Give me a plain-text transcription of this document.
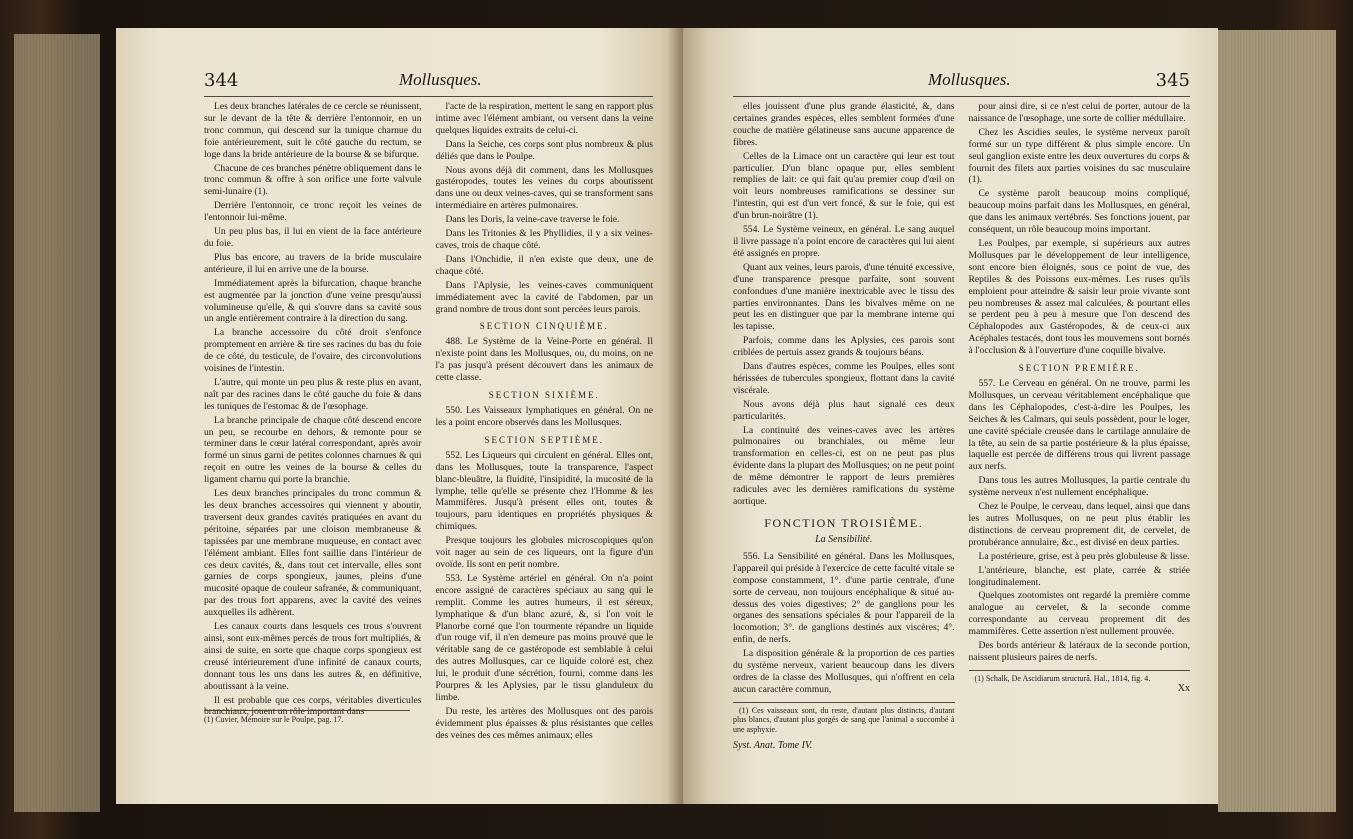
344	Mollusques.

Les deux branches latérales de ce cercle se réunissent, sur le devant de la tête & derrière l'entonnoir, en un tronc commun, qui descend sur la tunique charnue du foie antérieurement, suit le côté gauche du rectum, se loge dans la bride antérieure de la bourse & se bifurque.

Chacune de ces branches pénètre obliquement dans le tronc commun & offre à son orifice une forte valvule semi-lunaire (1).

Derrière l'entonnoir, ce tronc reçoit les veines de l'entonnoir lui-même.

Un peu plus bas, il lui en vient de la face antérieure du foie.

Plus bas encore, au travers de la bride musculaire antérieure, il lui en arrive une de la bourse.

Immédiatement après la bifurcation, chaque branche est augmentée par la jonction d'une veine presqu'aussi volumineuse qu'elle, & qui s'ouvre dans sa cavité sous un angle entièrement contraire à la direction du sang.

La branche accessoire du côté droit s'enfonce promptement en arrière & tire ses racines du bas du foie de ce côté, du testicule, de l'ovaire, des circonvolutions voisines de l'intestin.

L'autre, qui monte un peu plus & reste plus en avant, naît par des racines dans le côté gauche du foie & dans les tuniques de l'estomac & de l'œsophage.

La branche principale de chaque côté descend encore un peu, se recourbe en dehors, & remonte pour se terminer dans le cœur latéral correspondant, après avoir formé un sinus garni de petites colonnes charnues & qui reçoit en outre les veines de la bourse & celles du ligament charnu qui porte la branchie.

Les deux branches principales du tronc commun & les deux branches accessoires qui viennent y aboutir, traversent deux grandes cavités pratiquées en avant du péritoine, séparées par une cloison membraneuse & tapissées par une membrane muqueuse, en contact avec l'élément ambiant. Elles font saillie dans l'intérieur de ces deux cavités, &, dans tout cet intervalle, elles sont garnies de corps spongieux, jaunes, pleins d'une mucosité opaque de couleur safranée, & communiquant, par des trous fort apparens, avec la cavité des veines auxquelles ils adhèrent.

Les canaux courts dans lesquels ces trous s'ouvrent ainsi, sont eux-mêmes percés de trous fort multipliés, & ainsi de suite, en sorte que chaque corps spongieux est creusé intérieurement d'une infinité de canaux courts, donnant tous les uns dans les autres &, en définitive, aboutissant à la veine.

Il est probable que ces corps, véritables diverticules branchiaux, jouent un rôle important dans

l'acte de la respiration, mettent le sang en rapport plus intime avec l'élément ambiant, ou versent dans la veine quelques liquides extraits de celui-ci.

Dans la Seiche, ces corps sont plus nombreux & plus déliés que dans le Poulpe.

Nous avons déjà dit comment, dans les Mollusques gastéropodes, toutes les veines du corps aboutissent dans une ou deux veines-caves, qui se transforment sans intermédiaire en artères pulmonaires.

Dans les Doris, la veine-cave traverse le foie.

Dans les Tritonies & les Phyllidies, il y a six veines-caves, trois de chaque côté.

Dans l'Onchidie, il n'en existe que deux, une de chaque côté.

Dans l'Aplysie, les veines-caves communiquent immédiatement avec la cavité de l'abdomen, par un grand nombre de trous dont sont percées leurs parois.

SECTION CINQUIÈME.

488. Le Système de la Veine-Porte en général. Il n'existe point dans les Mollusques, ou, du moins, on ne l'a pas jusqu'à présent découvert dans les animaux de cette classe.

SECTION SIXIÈME.

550. Les Vaisseaux lymphatiques en général. On ne les a point encore observés dans les Mollusques.

SECTION SEPTIÈME.

552. Les Liqueurs qui circulent en général. Elles ont, dans les Mollusques, toute la transparence, l'aspect blanc-bleuâtre, la fluidité, l'insipidité, la mucosité de la lymphe, telle qu'elle se présente chez l'Homme & les Mammifères. Jusqu'à présent elles ont, toutes & toujours, paru identiques en propriétés physiques & chimiques.

Presque toujours les globules microscopiques qu'on voit nager au sein de ces liqueurs, ont la figure d'un ovoïde. Ils sont en petit nombre.

553. Le Système artériel en général. On n'a point encore assigné de caractères spéciaux au sang qui le remplit. Comme les autres humeurs, il est séreux, lymphatique & d'un blanc azuré, &, si l'on voit le Planorbe corné que l'on tourmente répandre un liquide d'un rouge vif, il n'en demeure pas moins prouvé que le véritable sang de ce gastéropode est semblable à celui des autres Mollusques, car ce liquide coloré est, chez lui, le produit d'une sécrétion, fourni, comme dans les Pourpres & les Aplysies, par le tissu glanduleux du limbe.

Du reste, les artères des Mollusques ont des parois évidemment plus épaisses & plus résistantes que celles des veines des ces mêmes animaux; elles

(1) Cuvier, Mémoire sur le Poulpe, pag. 17.

Mollusques.	345

elles jouissent d'une plus grande élasticité, &, dans certaines grandes espèces, elles semblent formées d'une couche de matière gélatineuse sans aucune apparence de fibres.

Celles de la Limace ont un caractère qui leur est tout particulier. D'un blanc opaque pur, elles semblent remplies de lait: ce qui fait qu'au premier coup d'œil on voit leurs nombreuses ramifications se dessiner sur l'intestin, qui est d'un vert foncé, & sur le foie, qui est d'un brun-noirâtre (1).

554. Le Système veineux, en général. Le sang auquel il livre passage n'a point encore de caractères qui lui aient été assignés en propre.

Quant aux veines, leurs parois, d'une ténuité excessive, d'une transparence presque parfaite, sont souvent confondues d'une manière inextricable avec le tissu des parties environnantes. Dans les bivalves même on ne peut les en distinguer que par la membrane interne qui les tapisse.

Parfois, comme dans les Aplysies, ces parois sont criblées de pertuis assez grands & toujours béans.

Dans d'autres espèces, comme les Poulpes, elles sont hérissées de tubercules spongieux, flottant dans la cavité viscérale.

Nous avons déjà plus haut signalé ces deux particularités.

La continuité des veines-caves avec les artères pulmonaires ou branchiales, ou même leur transformation en celles-ci, est on ne peut pas plus évidente dans la plupart des Mollusques; on ne peut point de même démontrer le rapport de leurs premières radicules avec les dernières ramifications du système aortique.

FONCTION TROISIÈME.
La Sensibilité.

556. La Sensibilité en général. Dans les Mollusques, l'appareil qui préside à l'exercice de cette faculté vitale se compose constamment, 1°. d'une partie centrale, d'une sorte de cerveau, non toujours encéphalique & situé au-dessus des voies digestives; 2° de ganglions pour les organes des sensations spéciales & pour l'appareil de la locomotion; 3°. de ganglions destinés aux viscères; 4°. enfin, de nerfs.

La disposition générale & la proportion de ces parties du système nerveux, varient beaucoup dans les divers ordres de la classe des Mollusques, qui n'offrent en cela aucun caractère commun,

(1) Ces vaisseaux sont, du reste, d'autant plus distincts, d'autant plus blancs, d'autant plus gorgés de sang que l'animal a succombé à une asphyxie.

Syst. Anat. Tome IV.

pour ainsi dire, si ce n'est celui de porter, autour de la naissance de l'œsophage, une sorte de collier médullaire.

Chez les Ascidies seules, le système nerveux paroît formé sur un type différent & plus simple encore. Un seul ganglion existe entre les deux ouvertures du corps & fournit des filets aux parties voisines du sac musculaire (1).

Ce système paroît beaucoup moins compliqué, beaucoup moins parfait dans les Mollusques, en général, que dans les animaux vertébrés. Ses fonctions jouent, par conséquent, un rôle beaucoup moins important.

Les Poulpes, par exemple, si supérieurs aux autres Mollusques par le développement de leur intelligence, sont encore bien éloignés, sous ce point de vue, des Reptiles & des Poissons eux-mêmes. Les ruses qu'ils emploient pour atteindre & saisir leur proie vivante sont peu nombreuses & assez mal calculées, & pourtant elles se perdent peu à peu à mesure que l'on descend des Céphalopodes aux Gastéropodes, & de ceux-ci aux Acéphales testacés, dont tous les mouvemens sont bornés à l'occlusion & à l'ouverture d'une coquille bivalve.

SECTION PREMIÈRE.

557. Le Cerveau en général. On ne trouve, parmi les Mollusques, un cerveau véritablement encéphalique que dans les Céphalopodes, c'est-à-dire les Poulpes, les Seiches & les Calmars, qui seuls possèdent, pour le loger, une cavité spéciale creusée dans le cartilage annulaire de la tête, au sein de sa partie postérieure & la plus épaisse, laquelle est percée de différens trous qui livrent passage aux nerfs.

Dans tous les autres Mollusques, la partie centrale du système nerveux n'est nullement encéphalique.

Chez le Poulpe, le cerveau, dans lequel, ainsi que dans les autres Mollusques, on ne peut plus établir les distinctions de cerveau proprement dit, de cervelet, de protubérance annulaire, &c., est divisé en deux parties.

La postérieure, grise, est à peu près globuleuse & lisse.

L'antérieure, blanche, est plate, carrée & striée longitudinalement.

Quelques zootomistes ont regardé la première comme analogue au cervelet, & la seconde comme correspondante au cerveau proprement dit des mammifères. Cette assertion n'est nullement prouvée.

Des bords antérieur & latéraux de la seconde portion, naissent plusieurs paires de nerfs.

(1) Schalk, De Ascidiarum structurâ. Hal., 1814, fig. 4.

Xx
